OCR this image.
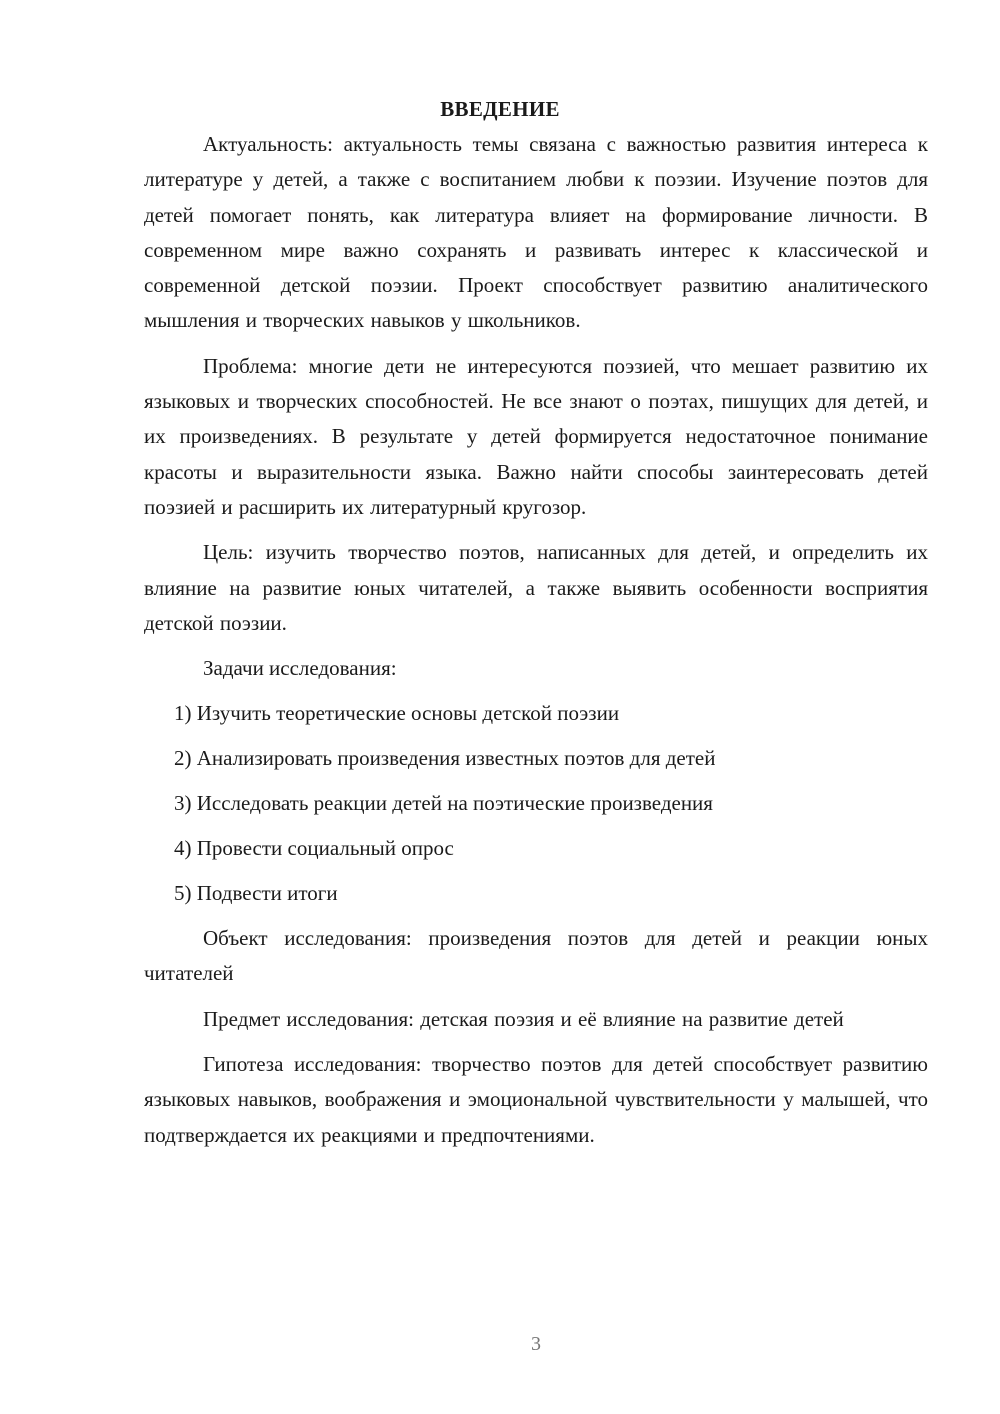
ВВЕДЕНИЕ

Актуальность: актуальность темы связана с важностью развития интереса к литературе у детей, а также с воспитанием любви к поэзии. Изучение поэтов для детей помогает понять, как литература влияет на формирование личности. В современном мире важно сохранять и развивать интерес к классической и современной детской поэзии. Проект способствует развитию аналитического мышления и творческих навыков у школьников.

Проблема: многие дети не интересуются поэзией, что мешает развитию их языковых и творческих способностей. Не все знают о поэтах, пишущих для детей, и их произведениях. В результате у детей формируется недостаточное понимание красоты и выразительности языка. Важно найти способы заинтересовать детей поэзией и расширить их литературный кругозор.

Цель: изучить творчество поэтов, написанных для детей, и определить их влияние на развитие юных читателей, а также выявить особенности восприятия детской поэзии.

Задачи исследования:
1) Изучить теоретические основы детской поэзии
2) Анализировать произведения известных поэтов для детей
3) Исследовать реакции детей на поэтические произведения
4) Провести социальный опрос
5) Подвести итоги

Объект исследования: произведения поэтов для детей и реакции юных читателей

Предмет исследования: детская поэзия и её влияние на развитие детей

Гипотеза исследования: творчество поэтов для детей способствует развитию языковых навыков, воображения и эмоциональной чувствительности у малышей, что подтверждается их реакциями и предпочтениями.

3
